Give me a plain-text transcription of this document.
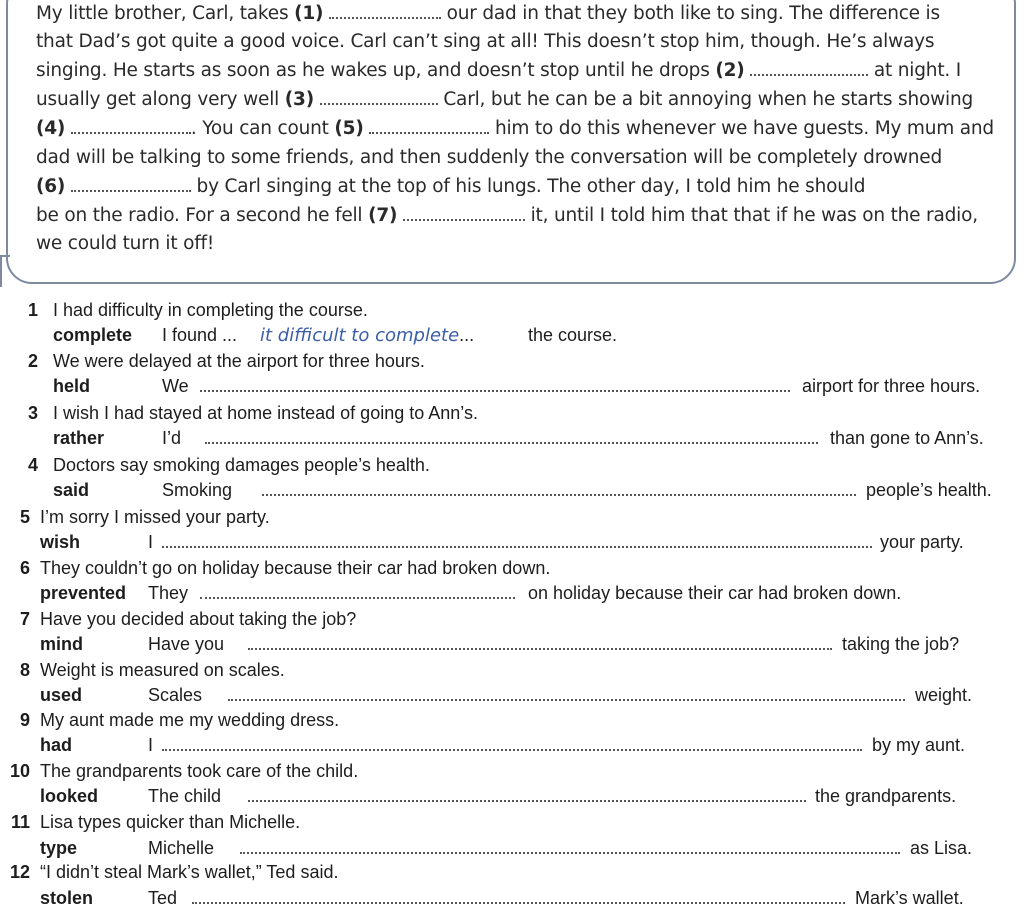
My little brother, Carl, takes (1)	our dad in that they both like to sing. The difference is
that Dad’s got quite a good voice. Carl can’t sing at all! This doesn’t stop him, though. He’s always
singing. He starts as soon as he wakes up, and doesn’t stop until he drops (2)	at night. I
usually get along very well (3)	Carl, but he can be a bit annoying when he starts showing
(4)	. You can count (5)	him to do this whenever we have guests. My mum and
dad will be talking to some friends, and then suddenly the conversation will be completely drowned
(6)	by Carl singing at the top of his lungs. The other day, I told him he should
be on the radio. For a second he fell (7)	it, until I told him that that if he was on the radio,
we could turn it off!
1 I had difficulty in completing the course.
complete I found ... it difficult to complete...	the course.
2 We were delayed at the airport for three hours.
held	We	airport for three hours.
3 I wish I had stayed at home instead of going to Ann’s.
rather	I’d	than gone to Ann’s.
4 Doctors say smoking damages people’s health.
said	Smoking	people’s health.
5 I’m sorry I missed your party.
wish	I	your party.
6 They couldn’t go on holiday because their car had broken down.
prevented They	on holiday because their car had broken down.
7 Have you decided about taking the job?
mind	Have you	taking the job?
8 Weight is measured on scales.
used	Scales	weight.
9 My aunt made me my wedding dress.
had	I	by my aunt.
10 The grandparents took care of the child.
looked	The child	the grandparents.
11 Lisa types quicker than Michelle.
type	Michelle	as Lisa.
12 “I didn’t steal Mark’s wallet,” Ted said.
stolen	Ted	Mark’s wallet.
